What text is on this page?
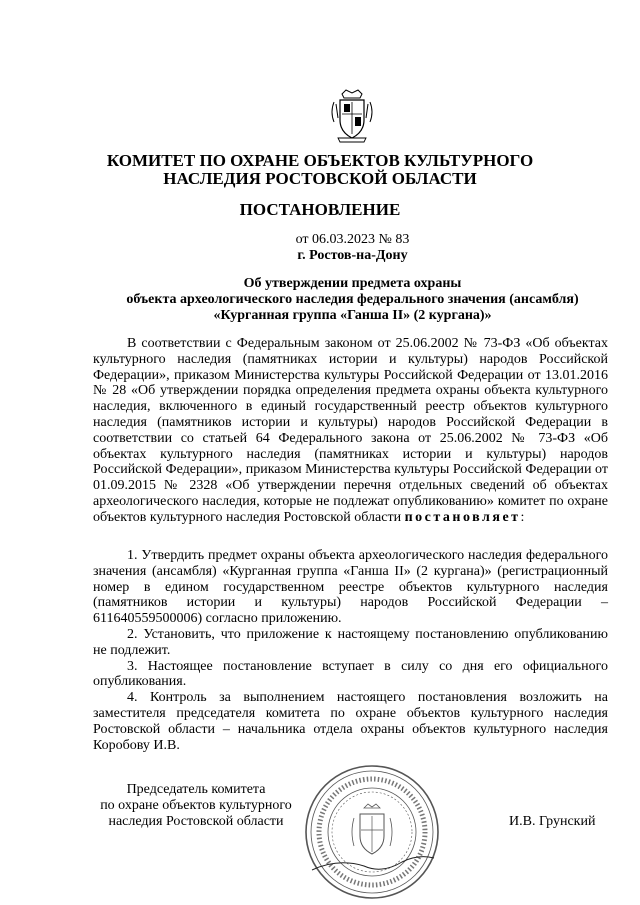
КОМИТЕТ ПО ОХРАНЕ ОБЪЕКТОВ КУЛЬТУРНОГО
НАСЛЕДИЯ РОСТОВСКОЙ ОБЛАСТИ
ПОСТАНОВЛЕНИЕ
от 06.03.2023 № 83
г. Ростов-на-Дону
Об утверждении предмета охраны
объекта археологического наследия федерального значения (ансамбля)
«Курганная группа «Ганша II» (2 кургана)»

В соответствии с Федеральным законом от 25.06.2002 № 73-ФЗ «Об объектах культурного наследия (памятниках истории и культуры) народов Российской Федерации», приказом Министерства культуры Российской Федерации от 13.01.2016 № 28 «Об утверждении порядка определения предмета охраны объекта культурного наследия, включенного в единый государственный реестр объектов культурного наследия (памятников истории и культуры) народов Российской Федерации в соответствии со статьей 64 Федерального закона от 25.06.2002 № 73-ФЗ «Об объектах культурного наследия (памятниках истории и культуры) народов Российской Федерации», приказом Министерства культуры Российской Федерации от 01.09.2015 № 2328 «Об утверждении перечня отдельных сведений об объектах археологического наследия, которые не подлежат опубликованию» комитет по охране объектов культурного наследия Ростовской области постановляет:

1. Утвердить предмет охраны объекта археологического наследия федерального значения (ансамбля) «Курганная группа «Ганша II» (2 кургана)» (регистрационный номер в едином государственном реестре объектов культурного наследия (памятников истории и культуры) народов Российской Федерации – 611640559500006) согласно приложению.

2. Установить, что приложение к настоящему постановлению опубликованию не подлежит.

3. Настоящее постановление вступает в силу со дня его официального опубликования.

4. Контроль за выполнением настоящего постановления возложить на заместителя председателя комитета по охране объектов культурного наследия Ростовской области – начальника отдела охраны объектов культурного наследия Коробову И.В.

Председатель комитета
по охране объектов культурного
наследия Ростовской области	И.В. Грунский
